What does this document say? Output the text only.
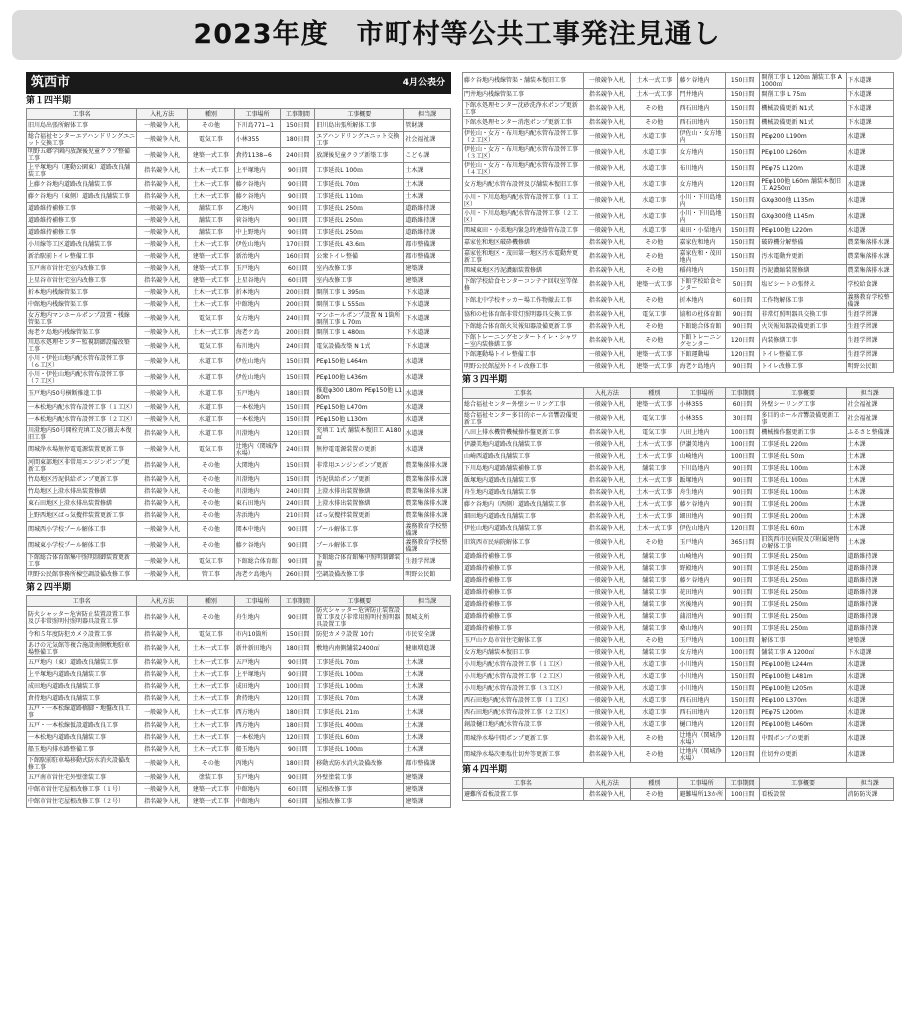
2023年度　市町村等公共工事発注見通し
筑西市	4月公表分
第１四半期
工事名	入札方法	種別	工事場所	工事期間	工事概要	担当課
旧川島出張所解体工事	一般競争入札	その他	下川島771−1	150日間	旧川島出張所解体工事	管財課
総合福祉センターエアハンドリングユニット交換工事	一般競争入札	電気工事	小林355	180日間	エアハンドリングユニット交換工事	社会福祉課
明野五郷学園内放課後児童クラブ整備工事	一般競争入札	建築一式工事	倉持1138−6	240日間	放課後児童クラブ新築工事	こども課
上平塚地内（運動公園東）道路改良舗装工事	指名競争入札	土木一式工事	上平塚地内	90日間	工事延長L 100ｍ	土木課
上藤ケ谷地内道路改良舗装工事	指名競争入札	土木一式工事	藤ケ谷地内	90日間	工事延長L 70ｍ	土木課
藤ケ谷地内（東側）道路改良舗装工事	指名競争入札	土木一式工事	藤ケ谷地内	90日間	工事延長L 110ｍ	土木課
道路維持補修工事	一般競争入札	舗装工事	乙地内	90日間	工事延長L 250ｍ	道路維持課
道路維持補修工事	一般競争入札	舗装工事	菅谷地内	90日間	工事延長L 250ｍ	道路維持課
道路維持補修工事	一般競争入札	舗装工事	中上野地内	90日間	工事延長L 250ｍ	道路維持課
小川線等工区道路改良舗装工事	一般競争入札	土木一式工事	伊佐山地内	170日間	工事延長L 43.6ｍ	都市整備課
新治駅前トイレ整備工事	一般競争入札	建築一式工事	新治地内	160日間	公衆トイレ整備	都市整備課
玉戸南市営住宅室内改修工事	一般競争入札	建築一式工事	玉戸地内	60日間	室内改修工事	建築課
上星谷市営住宅室内改修工事	指名競争入札	建築一式工事	上星谷地内	60日間	室内改修工事	建築課
折本地内桟線管渠工事	一般競争入札	土木一式工事	折本地内	200日間	開削工事 L 395ｍ	下水道課
中館地内桟線管渠工事	一般競争入札	土木一式工事	中館地内	200日間	開削工事 L 555ｍ	下水道課
女方地内マンホールポンプ設置・桟線管渠工事	一般競争入札	電気工事	女方地内	240日間	マンホールポンプ設置 N 1箇所 開削工事 L 70ｍ	下水道課
海老ケ島地内桟線管渠工事	一般競争入札	土木一式工事	海老ケ島	200日間	開削工事 L 480ｍ	下水道課
川島水処理センター監視制御設備改築工事	一般競争入札	電気工事	布川地内	240日間	電気設備改築 N 1式	下水道課
小川・伊佐山地内配水管布設替工事（６工区）	一般競争入札	水道工事	伊佐山地内	150日間	PEφ150他 L464m	水道課
小川・伊佐山地内配水管布設替工事（７工区）	一般競争入札	水道工事	伊佐山地内	150日間	PEφ100他 L436m	水道課
玉戸地内50号横断推進工事	一般競争入札	水道工事	玉戸地内	180日間	推進φ300 L80m PEφ150他 L180m	水道課
一本松地内配水管布設替工事（１工区）	一般競争入札	水道工事	一本松地内	150日間	PEφ150他 L470m	水道課
一本松地内配水管布設替工事（２工区）	一般競争入札	水道工事	一本松地内	150日間	PEφ150他 L130m	水道課
川澄地内50号開栓充填工及び撤去本復旧工事	指名競争入札	水道工事	川澄地内	120日間	充填工 1式 舗装本復旧工 A180㎡	水道課
関城浄水場無停電電源装置更新工事	一般競争入札	電気工事	辻地内（関城浄水場）	240日間	無停電電源装置の更新	水道課
河間東部地区非常用エンジンポンプ更新工事	指名競争入札	その他	大関地内	150日間	非常用エンジンポンプ更新	農業集落排水課
竹島地区汚泥供給ポンプ更新工事	指名競争入札	その他	川澄地内	150日間	汚泥供給ポンプ更新	農業集落排水課
竹島地区上澄水排出装置修繕	指名競争入札	その他	川澄地内	240日間	上澄水排出装置修繕	農業集落排水課
東石田地区上澄水排出装置修繕	指名競争入札	その他	東石田地内	240日間	上澄水排出装置修繕	農業集落排水課
上野西地区ばっ気攪拌装置更新工事	指名競争入札	その他	赤浜地内	210日間	ばっ気攪拌装置更新	農業集落排水課
関城西小学校プール解体工事	一般競争入札	その他	関本中地内	90日間	プール解体工事	義務教育学校整備課
関城東小学校プール解体工事	一般競争入札	その他	藤ケ谷地内	90日間	プール解体工事	義務教育学校整備課
下館総合体育館集中照明制御装置更新工事	一般競争入札	電気工事	下館総合体育館	90日間	下館総合体育館集中照明制御装置	生涯学習課
明野公民館事務所棟空調設備改修工事	一般競争入札	管工事	海老ケ島地内	260日間	空調設備改修工事	明野公民館
第２四半期
工事名	入札方法	種別	工事場所	工事期間	工事概要	担当課
防火シャッター危害防止装置設置工事及び非常照明付照明器具設置工事	指名競争入札	その他	舟生地内	90日間	防火シャッター危害防止装置設置工事及び非常用照明付照明器具設置工事	関城支所
令和５年度防犯カメラ設置工事	指名競争入札	電気工事	市内10箇所	150日間	防犯カメラ設置 10台	市民安全課
あけの元気館等複合施設南側敷地駐車場整備工事	指名競争入札	土木一式工事	新井新田地内	180日間	敷地内南側舗装2400㎡	健康増進課
五戸地内（東）道路改良舗装工事	指名競争入札	土木一式工事	五戸地内	90日間	工事延長L 70ｍ	土木課
上平塚地内道路改良舗装工事	指名競争入札	土木一式工事	上平塚地内	90日間	工事延長L 100ｍ	土木課
成田地内道路改良舗装工事	指名競争入札	土木一式工事	成田地内	100日間	工事延長L 100ｍ	土木課
倉持地内道路改良舗装工事	指名競争入札	土木一式工事	倉持地内	120日間	工事延長L 70ｍ	土木課
五戸・一本松線道路橋脚・地盤改良工事	一般競争入札	土木一式工事	西方地内	180日間	工事延長L 21ｍ	土木課
五戸・一本松線仮設道路改良工事	指名競争入札	土木一式工事	西方地内	180日間	工事延長L 400ｍ	土木課
一本松地内道路改良舗装工事	指名競争入札	土木一式工事	一本松地内	120日間	工事延長L 60ｍ	土木課
船玉地内排水路整備工事	指名競争入札	土木一式工事	船玉地内	90日間	工事延長L 100ｍ	土木課
下館駅前駐車場移動式防水消火設備改修工事	一般競争入札	その他	丙地内	180日間	移動式防水消火設備改修	都市整備課
五戸南市営住宅外壁塗装工事	一般競争入札	塗装工事	玉戸地内	90日間	外壁塗装工事	建築課
中館市営住宅屋根改修工事（１号）	一般競争入札	建築一式工事	中館地内	60日間	屋根改修工事	建築課
中館市営住宅屋根改修工事（２号）	指名競争入札	建築一式工事	中館地内	60日間	屋根改修工事	建築課
藤ケ谷地内桟線管渠・舗装本復旧工事	一般競争入札	土木一式工事	藤ケ谷地内	150日間	開削工事 L 120ｍ 舗装工事 A 1000㎡	下水道課
門井地内桟線管渠工事	指名競争入札	土木一式工事	門井地内	150日間	開削工事 L 75ｍ	下水道課
下館水処理センター沈砂洗浄水ポンプ更新工事	指名競争入札	その他	西石田地内	150日間	機械設備更新 N1式	下水道課
下館水処理センター消泡ポンプ更新工事	指名競争入札	その他	西石田地内	150日間	機械設備更新 N1式	下水道課
伊佐山・女方・布川地内配水管布設替工事（２工区）	一般競争入札	水道工事	伊佐山・女方地内	150日間	PEφ200 L190m	水道課
伊佐山・女方・布川地内配水管布設替工事（３工区）	一般競争入札	水道工事	女方地内	150日間	PEφ100 L260m	水道課
伊佐山・女方・布川地内配水管布設替工事（４工区）	一般競争入札	水道工事	布川地内	150日間	PEφ75 L120m	水道課
女方地内配水管布設替及び舗装本復旧工事	一般競争入札	水道工事	女方地内	120日間	PEφ100他 L60m 舗装本復旧工 A250㎡	水道課
小川・下川島地内配水管布設替工事（１工区）	一般競争入札	水道工事	小川・下川島地内	150日間	GXφ300他 L135m	水道課
小川・下川島地内配水管布設替工事（２工区）	一般競争入札	水道工事	小川・下川島地内	150日間	GXφ300他 L145m	水道課
関城東田・小栗地内緊急時連絡管布設工事	一般競争入札	水道工事	東田・小栗地内	150日間	PEφ100他 L220m	水道課
嘉家佐和地区破砕機修繕	指名競争入札	その他	嘉家佐和地内	150日間	破砕機分解整備	農業集落排水課
嘉家佐和地区・茂田第一地区汚水電動弁更新工事	指名競争入札	その他	嘉家佐和・茂田地内	150日間	汚水電動弁更新	農業集落排水課
関城東地区汚泥濃縮装置修繕	指名競争入札	その他	稲荷地内	150日間	汚泥濃縮装置修繕	農業集落排水課
下館学校給食センターコンテナ回収室等保修	指名競争入札	建築一式工事	下館学校給食センター	50日間	塩ビシートの張替え	学校給食課
下館北中学校サッカー場工作物撤去工事	指名競争入札	その他	折本地内	60日間	工作物解体工事	義務教育学校整備課
協和の杜体育館非常灯照明器具交換工事	指名競争入札	電気工事	協和の杜体育館	90日間	非常灯照明器具交換工事	生涯学習課
下館総合体育館火災報知器設備更新工事	指名競争入札	その他	下館総合体育館	90日間	火災報知器設備更新工事	生涯学習課
下館トレーニングセンタートイレ・シャワー室内装修繕工事	指名競争入札	その他	下館トレーニングセンター	120日間	内装修繕工事	生涯学習課
下館運動場トイレ整備工事	一般競争入札	建築一式工事	下館運動場	120日間	トイレ整備工事	生涯学習課
明野公民館屋外トイレ改修工事	一般競争入札	建築一式工事	海老ケ島地内	90日間	トイレ改修工事	明野公民館
第３四半期
工事名	入札方法	種別	工事場所	工事期間	工事概要	担当課
総合福祉センター外壁シーリング工事	一般競争入札	建築一式工事	小林355	60日間	外壁シーリング工事	社会福祉課
総合福祉センター多目的ホール音響設備更新工事	一般競争入札	電気工事	小林355	30日間	多目的ホール音響設備更新工事	社会福祉課
八田上排水機管機械操作盤更新工事	指名競争入札	電気工事	八田上地内	100日間	機械操作盤更新工事	ふるさと整備課
伊讃美地内道路改良舗装工事	一般競争入札	土木一式工事	伊讃美地内	100日間	工事延長L 220ｍ	土木課
山崎西道路改良舗装工事	一般競争入札	土木一式工事	山崎地内	100日間	工事延長L 50ｍ	土木課
下川島地内道路舗装補修工事	指名競争入札	舗装工事	下川島地内	90日間	工事延長L 100ｍ	土木課
飯塚地内道路改良舗装工事	指名競争入札	土木一式工事	飯塚地内	90日間	工事延長L 100ｍ	土木課
舟生地内道路改良舗装工事	指名競争入札	土木一式工事	舟生地内	90日間	工事延長L 100ｍ	土木課
藤ケ谷地内（西側）道路改良舗装工事	指名競争入札	土木一式工事	藤ケ谷地内	90日間	工事延長L 200ｍ	土木課
細田地内道路改良舗装工事	指名競争入札	土木一式工事	細田地内	90日間	工事延長L 200ｍ	土木課
伊佐山地内道路改良舗装工事	指名競争入札	土木一式工事	伊佐山地内	120日間	工事延長L 60ｍ	土木課
旧筑西市民病院解体工事	一般競争入札	その他	玉戸地内	365日間	旧筑西市民病院及び附属建物の解体工事	土木課
道路維持補修工事	一般競争入札	舗装工事	山崎地内	90日間	工事延長L 250ｍ	道路維持課
道路維持補修工事	一般競争入札	舗装工事	野殿地内	90日間	工事延長L 250ｍ	道路維持課
道路維持補修工事	一般競争入札	舗装工事	藤ケ谷地内	90日間	工事延長L 250ｍ	道路維持課
道路維持補修工事	一般競争入札	舗装工事	花田地内	90日間	工事延長L 250ｍ	道路維持課
道路維持補修工事	一般競争入札	舗装工事	宮後地内	90日間	工事延長L 250ｍ	道路維持課
道路維持補修工事	一般競争入札	舗装工事	蒲沼地内	90日間	工事延長L 250ｍ	道路維持課
道路維持補修工事	一般競争入札	舗装工事	桑山地内	90日間	工事延長L 250ｍ	道路維持課
玉戸山ケ島市営住宅解体工事	一般競争入札	その他	玉戸地内	100日間	解体工事	建築課
女方地内舗装本復旧工事	一般競争入札	舗装工事	女方地内	100日間	舗装工事 A 1200㎡	下水道課
小川地内配水管布設替工事（１工区）	一般競争入札	水道工事	小川地内	150日間	PEφ100他 L244m	水道課
小川地内配水管布設替工事（２工区）	一般競争入札	水道工事	小川地内	150日間	PEφ100他 L481m	水道課
小川地内配水管布設替工事（３工区）	一般競争入札	水道工事	小川地内	150日間	PEφ100他 L205m	水道課
西石田地内配水管布設替工事（１工区）	一般競争入札	水道工事	西石田地内	150日間	PEφ100 L370m	水道課
西石田地内配水管布設替工事（２工区）	一般競争入札	水道工事	西石田地内	120日間	PEφ75 L200m	水道課
創設樋口地内配水管布設工事	一般競争入札	水道工事	樋口地内	120日間	PEφ100他 L460m	水道課
関城浄水場中間ポンプ更新工事	指名競争入札	その他	辻地内（関城浄水場）	120日間	中間ポンプの更新	水道課
関城浄水場次亜塩仕切弁等更新工事	指名競争入札	その他	辻地内（関城浄水場）	120日間	仕切弁の更新	水道課
第４四半期
工事名	入札方法	種別	工事場所	工事期間	工事概要	担当課
避難所看板設置工事	指名競争入札	その他	避難場所13か所	100日間	看板設置	消防防災課
